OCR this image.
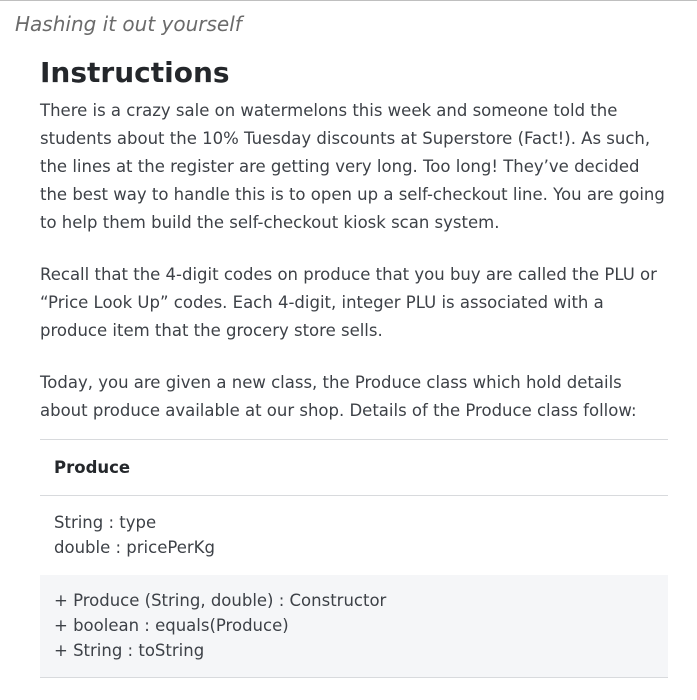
Hashing it out yourself
Instructions

There is a crazy sale on watermelons this week and someone told the students about the 10% Tuesday discounts at Superstore (Fact!). As such, the lines at the register are getting very long. Too long! They’ve decided the best way to handle this is to open up a self-checkout line. You are going to help them build the self-checkout kiosk scan system.

Recall that the 4-digit codes on produce that you buy are called the PLU or “Price Look Up” codes. Each 4-digit, integer PLU is associated with a produce item that the grocery store sells.

Today, you are given a new class, the Produce class which hold details about produce available at our shop. Details of the Produce class follow:

Produce
String : type
double : pricePerKg
+ Produce (String, double) : Constructor
+ boolean : equals(Produce)
+ String : toString
